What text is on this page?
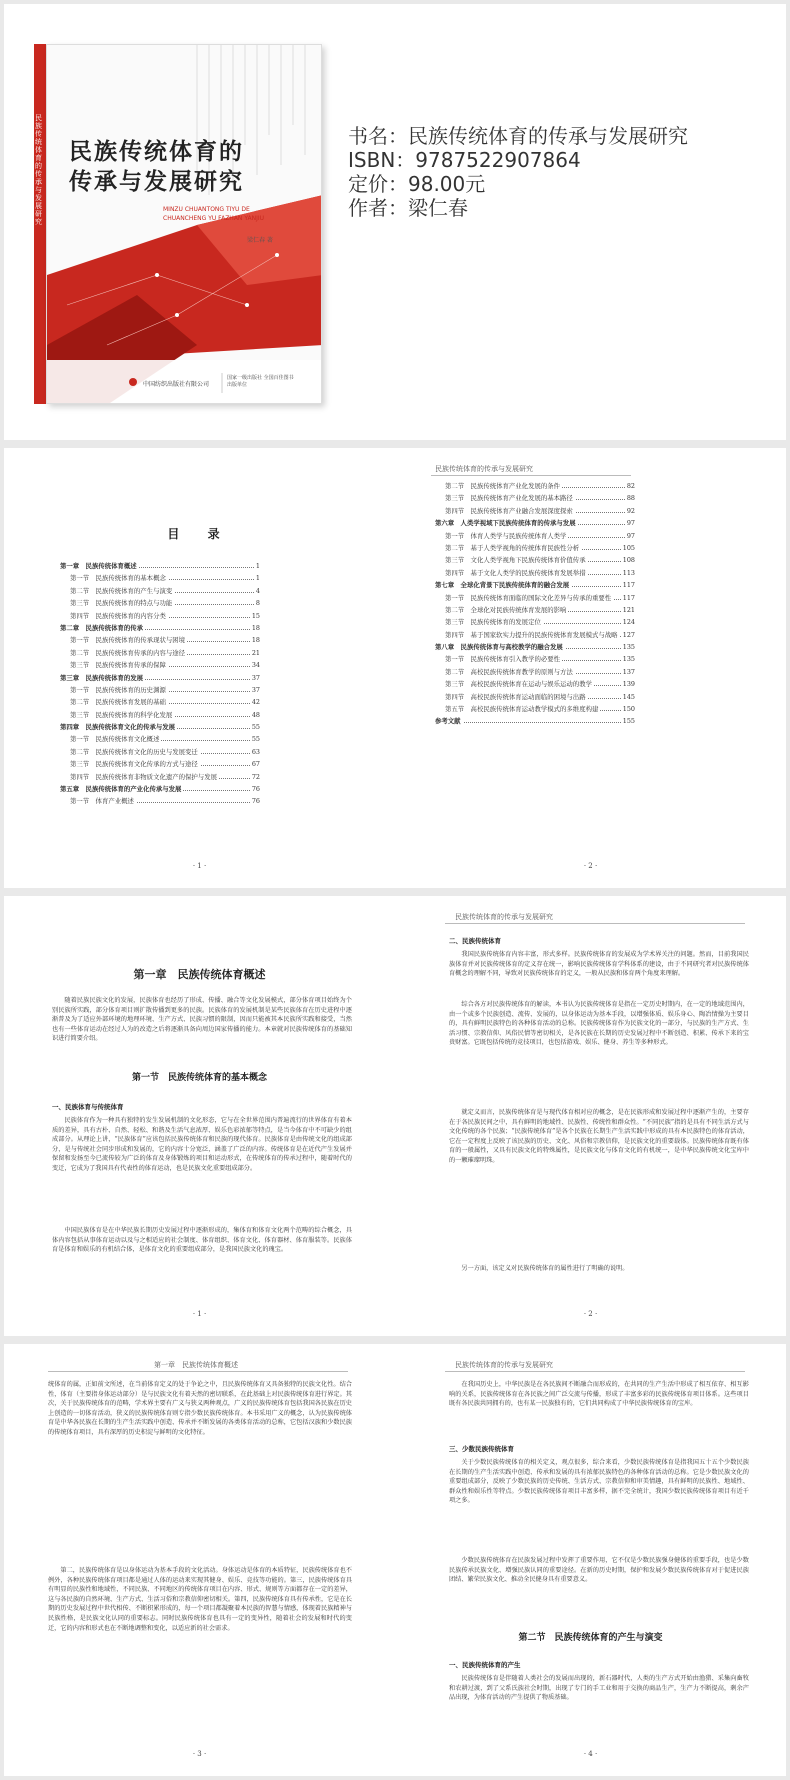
民族传统体育的传承与发展研究
民族传统体育的
传承与发展研究
MINZU CHUANTONG TIYU DE
CHUANCHENG YU FAZHAN YANJIU
梁仁春 著
中国纺织出版社有限公司
国家一级出版社 全国百佳图书出版单位
书名：民族传统体育的传承与发展研究
ISBN：9787522907864
定价：98.00元
作者：梁仁春
目 录
第一章　民族传统体育概述	1
第一节　民族传统体育的基本概念	1
第二节　民族传统体育的产生与演变	4
第三节　民族传统体育的特点与功能	8
第四节　民族传统体育的内容分类	15
第二章　民族传统体育的传承	18
第一节　民族传统体育的传承现状与困境	18
第二节　民族传统体育传承的内容与途径	21
第三节　民族传统体育传承的保障	34
第三章　民族传统体育的发展	37
第一节　民族传统体育的历史渊源	37
第二节　民族传统体育发展的基础	42
第三节　民族传统体育的科学化发展	48
第四章　民族传统体育文化的传承与发展	55
第一节　民族传统体育文化概述	55
第二节　民族传统体育文化的历史与发展变迁	63
第三节　民族传统体育文化传承的方式与途径	67
第四节　民族传统体育非物质文化遗产的保护与发展	72
第五章　民族传统体育的产业化传承与发展	76
第一节　体育产业概述	76
· 1 ·
民族传统体育的传承与发展研究
第二节　民族传统体育产业化发展的条件	82
第三节　民族传统体育产业化发展的基本路径	88
第四节　民族传统体育产业融合发展深度探索	92
第六章　人类学视域下民族传统体育的传承与发展	97
第一节　体育人类学与民族传统体育人类学	97
第二节　基于人类学视角的传统体育民族性分析	105
第三节　文化人类学视角下民族传统体育价值传承	108
第四节　基于文化人类学的民族传统体育发展举措	113
第七章　全球化背景下民族传统体育的融合发展	117
第一节　民族传统体育面临的国际文化差异与传承的重要性	117
第二节　全球化对民族传统体育发展的影响	121
第三节　民族传统体育的发展定位	124
第四节　基于国家软实力提升的民族传统体育发展模式与战略 127
第八章　民族传统体育与高校教学的融合发展	135
第一节　民族传统体育引入教学的必要性	135
第二节　高校民族传统体育教学的原则与方法	137
第三节　高校民族传统体育在运动与娱乐运动的教学	139
第四节　高校民族传统体育运动面临的困境与出路	145
第五节　高校民族传统体育运动教学模式的多维度构建	150
参考文献	155
· 2 ·
第一章　民族传统体育概述
随着民族民族文化的发展，民族体育也经历了形成、传播、融合等文化发展模式，部分体育项目始终为个别民族所实践，部分体育项目则扩散传播到更多的民族。民族体育的发展机制是某些民族体育在历史进程中逐渐普及为了适应外部环境的地理环境、生产方式、民族习惯的限制，因而只能被其本民族所实践和接受，当然也有一些体育运动在经过人为的改造之后将逐渐具备向周边国家传播的能力。本章就对民族传统体育的基础知识进行简要介绍。
第一节　民族传统体育的基本概念
一、民族体育与传统体育
民族体育作为一种具有独特的发生发展机制的文化形态，它与在全世界范围内普遍流行的世界体育有着本质的差异，具有古朴、自然、轻松、和谐及生活气息浓厚、娱乐色彩浓郁等特点，是当今体育中不可缺少的组成部分。从理论上讲，“民族体育”应该包括民族传统体育和民族的现代体育。民族体育是由传统文化的组成部分，是与传统社会同步形成和发展的，它的内容十分宽泛，涵盖了广泛的内容。传统体育是在近代产生发展并保留和发扬至今已流传较为广泛的体育及身体锻炼的项目和运动形式，在传统体育的传承过程中，随着时代的变迁，它成为了我国具有代表性的体育运动，也是民族文化重要组成部分。
中国民族体育是在中华民族长期历史发展过程中逐渐形成的，集体育和体育文化两个范畴的综合概念，具体内容包括从事体育运动以及与之相适应的社会制度、体育组织、体育文化、体育器材、体育服装等。民族体育是体育和娱乐的有机结合体，是体育文化的重要组成部分，是我国民族文化的瑰宝。
· 1 ·
民族传统体育的传承与发展研究
二、民族传统体育
我国民族传统体育内容丰富，形式多样。民族传统体育的发展成为学术界关注的问题。然而，目前我国民族体育并对民族传统体育的定义存在统一，影响民族传统体育学科体系的建设，由于不同研究者对民族传统体育概念的理解不同，导致对民族传统体育的定义，一般从民族和体育两个角度来理解。
综合各方对民族传统体育的解读，本书认为民族传统体育是指在一定历史时期内，在一定的地域范围内，由一个或多个民族创造、流传、发展的，以身体运动为基本手段，以增强体质、娱乐身心、陶冶情操为主要目的，具有鲜明民族特色的各种体育活动的总称。民族传统体育作为民族文化的一部分，与民族的生产方式、生活习惯、宗教信仰、风俗民情等密切相关，是各民族在长期的历史发展过程中不断创造、积累、传承下来的宝贵财富。它既包括传统的竞技项目，也包括游戏、娱乐、健身、养生等多种形式。
就定义而言，民族传统体育是与现代体育相对应的概念，是在民族形成和发展过程中逐渐产生的，主要存在于各民族民间之中，具有鲜明的地域性、民族性、传统性和群众性。“不同民族”指的是具有不同生活方式与文化传统的各个民族；“民族传统体育”是各个民族在长期生产生活实践中形成的具有本民族特色的体育活动，它在一定程度上反映了该民族的历史、文化、风俗和宗教信仰，是民族文化的重要载体。民族传统体育既有体育的一般属性，又具有民族文化的特殊属性，是民族文化与体育文化的有机统一，是中华民族传统文化宝库中的一颗璀璨明珠。
另一方面，该定义对民族传统体育的属性进行了明确的说明。
· 2 ·
第一章　民族传统体育概述
统体育的属，正如前文所述，在当前体育定义的处于争论之中，且民族传统体育又具备独特的民族文化性。结合性，体育（主要指身体运动部分）是与民族文化有着天然的密切联系，在此基础上对民族传统体育进行界定。其次，关于民族传统体育的范畴，学术界主要有广义与狭义两种观点，广义的民族传统体育包括我国各民族在历史上创造的一切体育活动，狭义的民族传统体育则专指少数民族传统体育。本书采用广义的概念，认为民族传统体育是中华各民族在长期的生产生活实践中创造、传承并不断发展的各类体育活动的总称，它包括汉族和少数民族的传统体育项目，具有深厚的历史积淀与鲜明的文化特征。
第二，民族传统体育是以身体运动为基本手段的文化活动。身体运动是体育的本质特征，民族传统体育也不例外，各种民族传统体育项目都是通过人体的运动来实现其健身、娱乐、竞技等功能的。第三，民族传统体育具有明显的民族性和地域性，不同民族、不同地区的传统体育项目在内容、形式、规则等方面都存在一定的差异，这与各民族的自然环境、生产方式、生活习俗和宗教信仰密切相关。第四，民族传统体育具有传承性，它是在长期的历史发展过程中世代相传、不断积累形成的，每一个项目都凝聚着本民族的智慧与情感，体现着民族精神与民族性格，是民族文化认同的重要标志。同时民族传统体育也具有一定的变异性，随着社会的发展和时代的变迁，它的内容和形式也在不断地调整和变化，以适应新的社会需求。
· 3 ·
民族传统体育的传承与发展研究
在我国历史上，中华民族是在各民族间不断融合而形成的，在共同的生产生活中形成了相互依存、相互影响的关系，民族传统体育在各民族之间广泛交流与传播，形成了丰富多彩的民族传统体育项目体系。这些项目既有各民族共同拥有的，也有某一民族独有的，它们共同构成了中华民族传统体育的宝库。
三、少数民族传统体育
关于少数民族传统体育的相关定义，观点很多，综合来看，少数民族传统体育是指我国五十五个少数民族在长期的生产生活实践中创造、传承和发展的具有浓郁民族特色的各种体育活动的总称。它是少数民族文化的重要组成部分，反映了少数民族的历史传统、生活方式、宗教信仰和审美情趣，具有鲜明的民族性、地域性、群众性和娱乐性等特点。少数民族传统体育项目丰富多样，据不完全统计，我国少数民族传统体育项目有近千项之多。
少数民族传统体育在民族发展过程中发挥了重要作用，它不仅是少数民族强身健体的重要手段，也是少数民族传承民族文化、增强民族认同的重要途径。在新的历史时期，保护和发展少数民族传统体育对于促进民族团结、繁荣民族文化、推动全民健身具有重要意义。
第二节　民族传统体育的产生与演变
一、民族传统体育的产生
民族传统体育是伴随着人类社会的发展而出现的，新石器时代，人类的生产方式开始由渔猎、采集向畜牧和农耕过渡，到了父系氏族社会时期，出现了专门的手工业和用于交换的商品生产，生产力不断提高，剩余产品出现，为体育活动的产生提供了物质基础。
· 4 ·
